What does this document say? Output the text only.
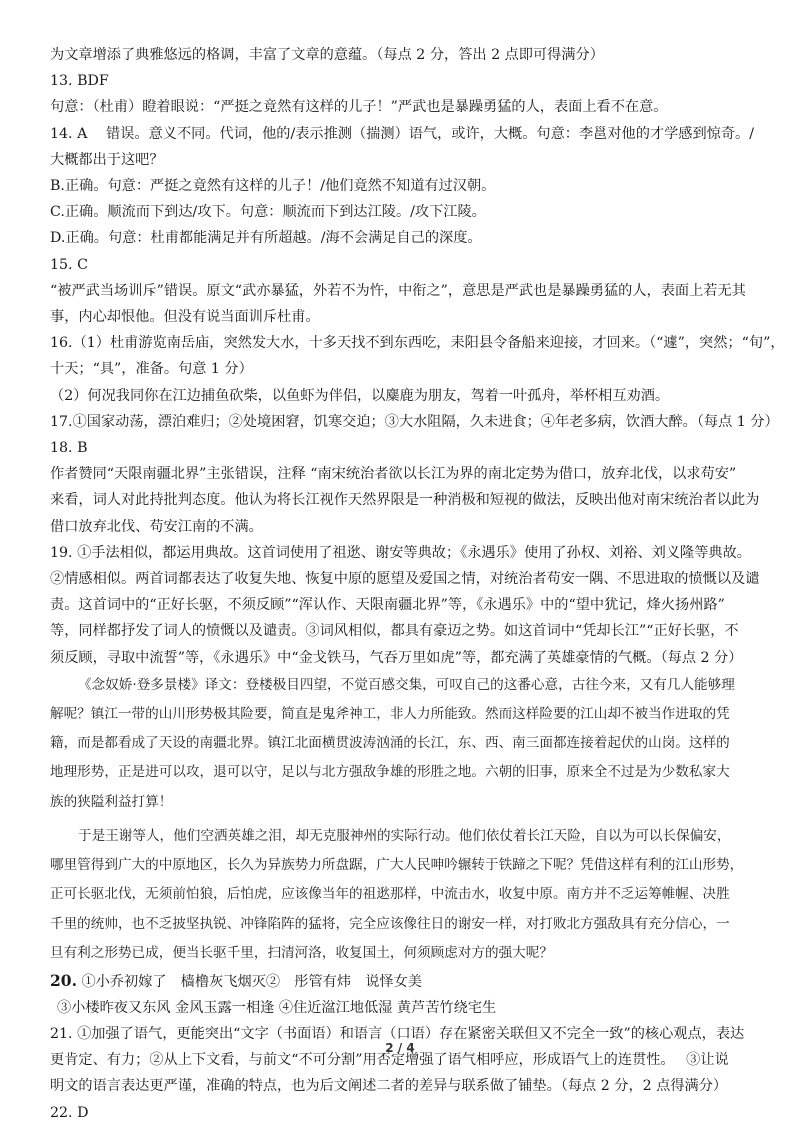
为文章增添了典雅悠远的格调，丰富了文章的意蕴。（每点 2 分，答出 2 点即可得满分）
13. BDF
句意：（杜甫）瞪着眼说：“严挺之竟然有这样的儿子！”严武也是暴躁勇猛的人，表面上看不在意。
14. A　 错误。意义不同。代词，他的/表示推测（揣测）语气，或许，大概。句意：李邕对他的才学感到惊奇。/
大概都出于这吧？
B.正确。句意：严挺之竟然有这样的儿子！/他们竟然不知道有过汉朝。
C.正确。顺流而下到达/攻下。句意：顺流而下到达江陵。/攻下江陵。
D.正确。句意：杜甫都能满足并有所超越。/海不会满足自己的深度。
15. C
“被严武当场训斥”错误。原文“武亦暴猛，外若不为忤，中衔之”，意思是严武也是暴躁勇猛的人，表面上若无其
事，内心却恨他。但没有说当面训斥杜甫。
16.（1）杜甫游览南岳庙，突然发大水，十多天找不到东西吃，耒阳县令备船来迎接，才回来。（“遽”，突然；“旬”，
十天；“具”，准备。句意 1 分）
（2）何况我同你在江边捕鱼砍柴，以鱼虾为伴侣，以麋鹿为朋友，驾着一叶孤舟，举杯相互劝酒。
17.①国家动荡，漂泊难归；②处境困窘，饥寒交迫；③大水阻隔，久未进食；④年老多病，饮酒大醉。（每点 1 分）
18. B
作者赞同“天限南疆北界”主张错误，注释 “南宋统治者欲以长江为界的南北定势为借口，放弃北伐，以求苟安”
来看，词人对此持批判态度。他认为将长江视作天然界限是一种消极和短视的做法，反映出他对南宋统治者以此为
借口放弃北伐、苟安江南的不满。
19. ①手法相似，都运用典故。这首词使用了祖逖、谢安等典故；《永遇乐》使用了孙权、刘裕、刘义隆等典故。
②情感相似。两首词都表达了收复失地、恢复中原的愿望及爱国之情，对统治者苟安一隅、不思进取的愤慨以及谴
责。这首词中的“正好长驱，不须反顾”“浑认作、天限南疆北界”等，《永遇乐》中的“望中犹记，烽火扬州路”
等，同样都抒发了词人的愤慨以及谴责。③词风相似，都具有豪迈之势。如这首词中“凭却长江”“正好长驱，不
须反顾，寻取中流誓”等，《永遇乐》中“金戈铁马，气吞万里如虎”等，都充满了英雄豪情的气概。（每点 2 分）
《念奴娇·登多景楼》译文：登楼极目四望，不觉百感交集，可叹自己的这番心意，古往今来，又有几人能够理
解呢？镇江一带的山川形势极其险要，简直是鬼斧神工，非人力所能致。然而这样险要的江山却不被当作进取的凭
籍，而是都看成了天设的南疆北界。镇江北面横贯波涛汹涌的长江，东、西、南三面都连接着起伏的山岗。这样的
地理形势，正是进可以攻，退可以守，足以与北方强敌争雄的形胜之地。六朝的旧事，原来全不过是为少数私家大
族的狭隘利益打算！
于是王谢等人，他们空洒英雄之泪，却无克服神州的实际行动。他们依仗着长江天险，自以为可以长保偏安，
哪里管得到广大的中原地区，长久为异族势力所盘踞，广大人民呻吟辗转于铁蹄之下呢？凭借这样有利的江山形势，
正可长驱北伐，无须前怕狼，后怕虎，应该像当年的祖逖那样，中流击水，收复中原。南方并不乏运筹帷幄、决胜
千里的统帅，也不乏披坚执锐、冲锋陷阵的猛将，完全应该像往日的谢安一样，对打败北方强敌具有充分信心，一
旦有利之形势已成，便当长驱千里，扫清河洛，收复国土，何须顾虑对方的强大呢？
20. ①小乔初嫁了　樯橹灰飞烟灭②　彤管有炜　说怿女美
③小楼昨夜又东风 金风玉露一相逢 ④住近湓江地低湿 黄芦苦竹绕宅生
21. ①加强了语气，更能突出“文字（书面语）和语言（口语）存在紧密关联但又不完全一致”的核心观点，表达
更肯定、有力；②从上下文看，与前文“不可分割”用否定增强了语气相呼应，形成语气上的连贯性。　 ③让说
明文的语言表达更严谨，准确的特点，也为后文阐述二者的差异与联系做了铺垫。（每点 2 分，2 点得满分）
22. D
2 / 4
